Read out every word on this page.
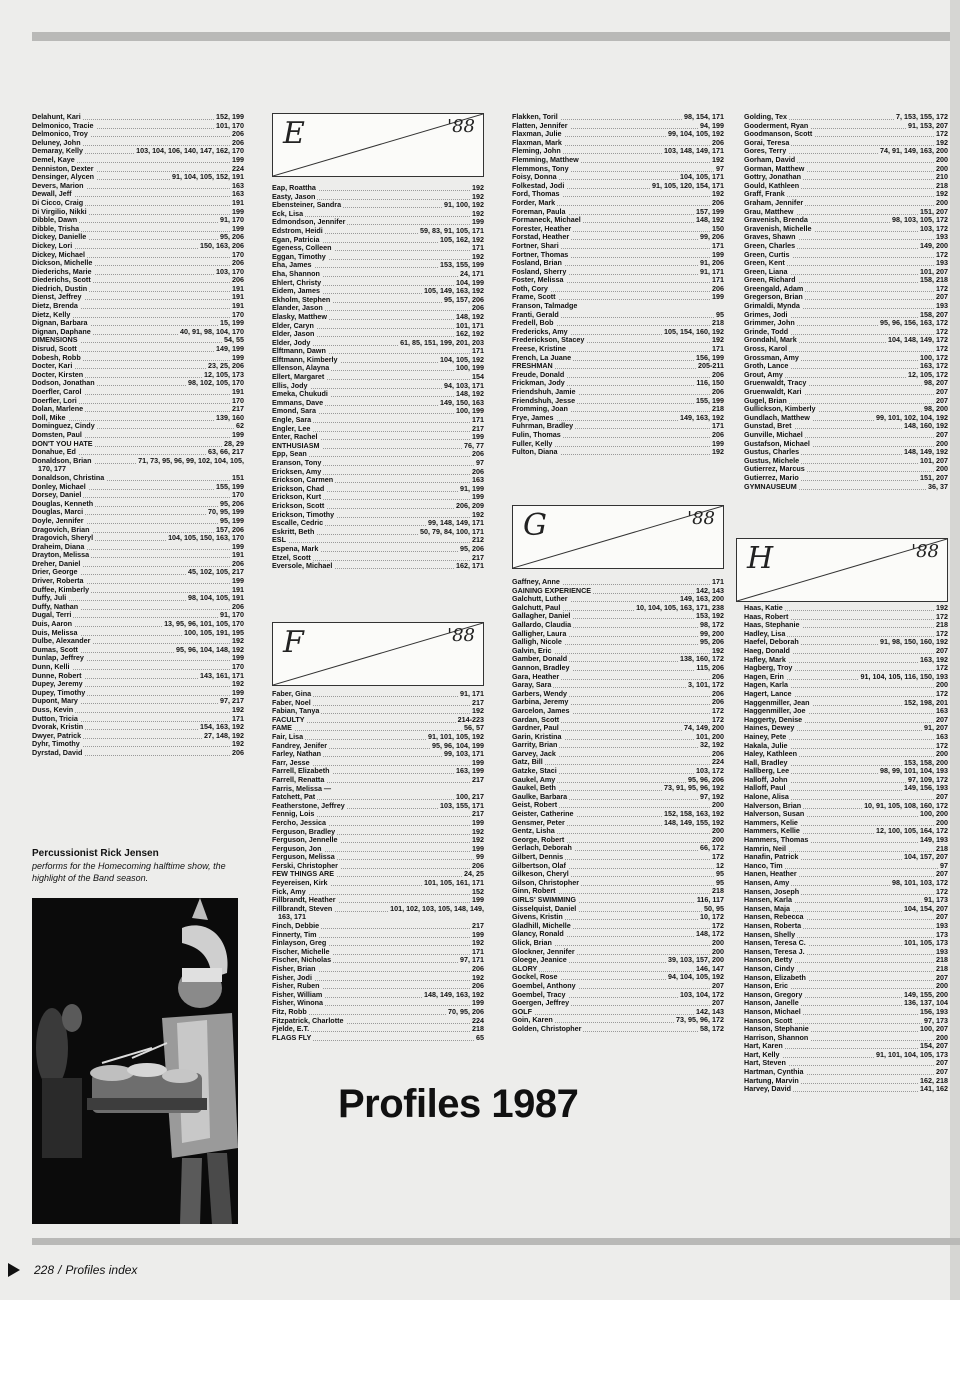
Delahunt, Kari	152, 199
Delmonico, Tracie	101, 170
Delmonico, Troy	206
Deluney, John	206
Demaray, Kelly	103, 104, 106, 140, 147, 162, 170
Demel, Kaye	199
Denniston, Dexter	224
Densinger, Alycen	91, 104, 105, 152, 191
Devers, Marion	163
Dewall, Jeff	163
Di Cicco, Craig	191
Di Virgilio, Nikki	199
Dibble, Dawn	91, 170
Dibble, Trisha	199
Dickey, Danielle	95, 206
Dickey, Lori	150, 163, 206
Dickey, Michael	170
Dickson, Michelle	206
Diederichs, Marie	103, 170
Diederichs, Scott	206
Diedrich, Dustin	191
Dienst, Jeffrey	191
Dietz, Brenda	191
Dietz, Kelly	170
Dignan, Barbara	15, 199
Dignan, Daphane	40, 91, 98, 104, 170
DIMENSIONS	54, 55
Disrud, Scott	149, 199
Dobesh, Robb	199
Docter, Kari	23, 25, 206
Docter, Kirsten	12, 105, 173
Dodson, Jonathan	98, 102, 105, 170
Doerfler, Carol	191
Doerfler, Lori	170
Dolan, Marlene	217
Doll, Mike	139, 160
Dominguez, Cindy	62
Domsten, Paul	199
DON'T YOU HATE	28, 29
Donahue, Ed	63, 66, 217
Donaldson, Brian	71, 73, 95, 96, 99, 102, 104, 105,
170, 177
Donaldson, Christina	151
Donley, Michael	155, 199
Dorsey, Daniel	170
Douglas, Kenneth	95, 206
Douglas, Marci	70, 95, 199
Doyle, Jennifer	95, 199
Dragovich, Brian	157, 206
Dragovich, Sheryl	104, 105, 150, 163, 170
Draheim, Diana	199
Drayton, Melissa	191
Dreher, Daniel	206
Drier, George	45, 102, 105, 217
Driver, Roberta	199
Duffee, Kimberly	191
Duffy, Juli	98, 104, 105, 191
Duffy, Nathan	206
Dugal, Terri	91, 170
Duis, Aaron	13, 95, 96, 101, 105, 170
Duis, Melissa	100, 105, 191, 195
Dulbe, Alexander	192
Dumas, Scott	95, 96, 104, 148, 192
Dunlap, Jeffrey	199
Dunn, Kelli	170
Dunne, Robert	143, 161, 171
Dupey, Jeremy	192
Dupey, Timothy	199
Dupont, Mary	97, 217
Duss, Kevin	192
Dutton, Tricia	171
Dvorak, Kristin	154, 163, 192
Dwyer, Patrick	27, 148, 192
Dyhr, Timothy	192
Dyrstad, David	206
E	'88
Eap, Roattha	192
Easty, Jason	192
Ebensteiner, Sandra	91, 100, 192
Eck, Lisa	192
Edmondson, Jennifer	199
Edstrom, Heidi	59, 83, 91, 105, 171
Egan, Patricia	105, 162, 192
Egeness, Colleen	171
Eggan, Timothy	192
Eha, James	153, 155, 199
Eha, Shannon	24, 171
Ehlert, Christy	104, 199
Eidem, James	105, 149, 163, 192
Ekholm, Stephen	95, 157, 206
Elander, Jason	206
Elasky, Matthew	148, 192
Elder, Caryn	101, 171
Elder, Jason	162, 192
Elder, Jody	61, 85, 151, 199, 201, 203
Elftmann, Dawn	171
Elftmann, Kimberly	104, 105, 192
Ellenson, Alayna	100, 199
Ellert, Margaret	154
Ellis, Jody	94, 103, 171
Emeka, Chukudi	148, 192
Emmans, Dave	149, 150, 163
Emond, Sara	100, 199
Engle, Sara	171
Engler, Lee	217
Enter, Rachel	199
ENTHUSIASM	76, 77
Epp, Sean	206
Eranson, Tony	97
Ericksen, Amy	206
Erickson, Carmen	163
Erickson, Chad	91, 199
Erickson, Kurt	199
Erickson, Scott	206, 209
Erickson, Timothy	192
Escalle, Cedric	99, 148, 149, 171
Eskritt, Beth	50, 79, 84, 100, 171
ESL	212
Espena, Mark	95, 206
Etzel, Scott	217
Eversole, Michael	162, 171
F	'88
Faber, Gina	91, 171
Faber, Noel	217
Fabian, Tanya	192
FACULTY	214-223
FAME	56, 57
Fair, Lisa	91, 101, 105, 192
Fandrey, Jenifer	95, 96, 104, 199
Farley, Nathan	99, 103, 171
Farr, Jesse	199
Farrell, Elizabeth	163, 199
Farrell, Renatta	217
Farris, Melissa —
Fatchett, Pat	100, 217
Featherstone, Jeffrey	103, 155, 171
Fennig, Lois	217
Fercho, Jessica	199
Ferguson, Bradley	192
Ferguson, Jennelle	192
Ferguson, Jon	199
Ferguson, Melissa	99
Ferski, Christopher	206
FEW THINGS ARE	24, 25
Feyereisen, Kirk	101, 105, 161, 171
Fick, Amy	152
Fillbrandt, Heather	199
Fillbrandt, Steven	101, 102, 103, 105, 148, 149,
163, 171
Finch, Debbie	217
Finnerty, Tim	199
Finlayson, Greg	192
Fischer, Michelle	171
Fischer, Nicholas	97, 171
Fisher, Brian	206
Fisher, Jodi	192
Fisher, Ruben	206
Fisher, William	148, 149, 163, 192
Fisher, Winona	199
Fitz, Robb	70, 95, 206
Fitzpatrick, Charlotte	224
Fjelde, E.T.	218
FLAGS FLY	65
Flakken, Toril	98, 154, 171
Flatten, Jennifer	94, 199
Flaxman, Julie	99, 104, 105, 192
Flaxman, Mark	206
Fleming, John	103, 148, 149, 171
Flemming, Matthew	192
Flemmons, Tony	97
Foisy, Donna	104, 105, 171
Folkestad, Jodi	91, 105, 120, 154, 171
Ford, Thomas	192
Forder, Mark	206
Foreman, Paula	157, 199
Formaneck, Michael	148, 192
Forester, Heather	150
Forstad, Heather	99, 206
Fortner, Shari	171
Fortner, Thomas	199
Fosland, Brian	91, 206
Fosland, Sherry	91, 171
Foster, Melissa	171
Foth, Cory	206
Frame, Scott	199
Franson, Talmadge
Franti, Gerald	95
Fredell, Bob	218
Fredericks, Amy	105, 154, 160, 192
Frederickson, Stacey	192
Freese, Kristine	171
French, La Juane	156, 199
FRESHMAN	205-211
Freude, Donald	206
Frickman, Jody	116, 150
Friendshuh, Jamie	206
Friendshuh, Jesse	155, 199
Fromming, Joan	218
Frye, James	149, 163, 192
Fuhrman, Bradley	171
Fulin, Thomas	206
Fuller, Kelly	199
Fulton, Diana	192
G	'88
Gaffney, Anne	171
GAINING EXPERIENCE	142, 143
Galchutt, Luther	149, 163, 200
Galchutt, Paul	10, 104, 105, 163, 171, 238
Gallagher, Daniel	153, 192
Gallardo, Claudia	98, 172
Galligher, Laura	99, 200
Galligh, Nicole	95, 206
Galvin, Eric	192
Gamber, Donald	138, 160, 172
Gannon, Bradley	115, 206
Gara, Heather	206
Garay, Sara	3, 101, 172
Garbers, Wendy	206
Garbina, Jeremy	206
Garcelon, James	172
Gardan, Scott	172
Gardner, Paul	74, 149, 200
Garin, Kristina	101, 200
Garrity, Brian	32, 192
Garvey, Jack	206
Gatz, Bill	224
Gatzke, Staci	103, 172
Gaukel, Amy	95, 96, 206
Gaukel, Beth	73, 91, 95, 96, 192
Gaulke, Barbara	97, 192
Geist, Robert	200
Geister, Catherine	152, 158, 163, 192
Gensmer, Peter	148, 149, 155, 192
Gentz, Lisha	200
George, Robert	200
Gerlach, Deborah	66, 172
Gilbert, Dennis	172
Gilbertson, Olaf	12
Gilkeson, Cheryl	95
Gilson, Christopher	95
Ginn, Robert	218
GIRLS' SWIMMING	116, 117
Gisselquist, Daniel	50, 95
Givens, Kristin	10, 172
Gladhill, Michelle	172
Glancy, Ronald	148, 172
Glick, Brian	200
Glockner, Jennifer	200
Gloege, Jeanice	39, 103, 157, 200
GLORY	146, 147
Gockel, Rose	94, 104, 105, 192
Goembel, Anthony	207
Goembel, Tracy	103, 104, 172
Goergen, Jeffrey	207
GOLF	142, 143
Goin, Karen	73, 95, 96, 172
Golden, Christopher	58, 172
Golding, Tex	7, 153, 155, 172
Gooderment, Ryan	91, 153, 207
Goodmanson, Scott	172
Gorai, Teresa	192
Gores, Terry	74, 91, 149, 163, 200
Gorham, David	200
Gorman, Matthew	200
Gottry, Jonathan	210
Gould, Kathleen	218
Graff, Frank	192
Graham, Jennifer	200
Grau, Matthew	151, 207
Gravenish, Brenda	98, 103, 105, 172
Gravenish, Michelle	103, 172
Graves, Shawn	193
Green, Charles	149, 200
Green, Curtis	172
Green, Kent	193
Green, Liana	101, 207
Green, Richard	158, 218
Greengald, Adam	172
Gregerson, Brian	207
Grimaldi, Mynda	193
Grimes, Jodi	158, 207
Grimmer, John	95, 96, 156, 163, 172
Grinde, Todd	172
Grondahl, Mark	104, 148, 149, 172
Gross, Karol	172
Grossman, Amy	100, 172
Groth, Lance	163, 172
Grout, Amy	12, 105, 172
Gruenwaldt, Tracy	98, 207
Gruenwaldt, Kari	207
Gugel, Brian	207
Gullickson, Kimberly	98, 200
Gundlach, Matthew	99, 101, 102, 104, 192
Gunstad, Bret	148, 160, 192
Gunville, Michael	207
Gustafson, Michael	200
Gustus, Charles	148, 149, 192
Gustus, Michele	101, 207
Gutierrez, Marcus	200
Gutierrez, Mario	151, 207
GYMNAUSEUM	36, 37
H	'88
Haas, Katie	192
Haas, Robert	172
Haas, Stephanie	218
Hadley, Lisa	172
Haefel, Deborah	91, 98, 150, 160, 192
Haeg, Donald	207
Hafley, Mark	163, 192
Hagberg, Troy	172
Hagen, Erin	91, 104, 105, 116, 150, 193
Hagen, Karla	200
Hagert, Lance	172
Haggenmiller, Jean	152, 198, 201
Haggenmiller, Joe	163
Haggerty, Denise	207
Haines, Dewey	91, 207
Hainey, Pete	163
Hakala, Julie	172
Haley, Kathleen	200
Hall, Bradley	153, 158, 200
Hallberg, Lee	98, 99, 101, 104, 193
Halloff, John	97, 109, 172
Halloff, Paul	149, 156, 193
Halone, Alisa	207
Halverson, Brian	10, 91, 105, 108, 160, 172
Halverson, Susan	100, 200
Hammers, Kelie	200
Hammers, Kellie	12, 100, 105, 164, 172
Hammers, Thomas	149, 193
Hamrin, Neil	218
Hanafin, Patrick	104, 157, 207
Hanco, Tim	97
Hanen, Heather	207
Hansen, Amy	98, 101, 103, 172
Hansen, Joseph	172
Hansen, Karla	91, 173
Hansen, Maja	104, 154, 207
Hansen, Rebecca	207
Hansen, Roberta	193
Hansen, Shelly	173
Hansen, Teresa C.	101, 105, 173
Hansen, Teresa J.	193
Hanson, Betty	218
Hanson, Cindy	218
Hanson, Elizabeth	207
Hanson, Eric	200
Hanson, Gregory	149, 155, 200
Hanson, Janelle	136, 137, 104
Hanson, Michael	156, 193
Hanson, Scott	97, 173
Hanson, Stephanie	100, 207
Harrison, Shannon	200
Hart, Karen	154, 207
Hart, Kelly	91, 101, 104, 105, 173
Hart, Steven	207
Hartman, Cynthia	207
Hartung, Marvin	162, 218
Harvey, David	141, 162
Percussionist Rick Jensen
performs for the Homecoming halftime show, the highlight of the Band season.
Profiles 1987
228 / Profiles index
